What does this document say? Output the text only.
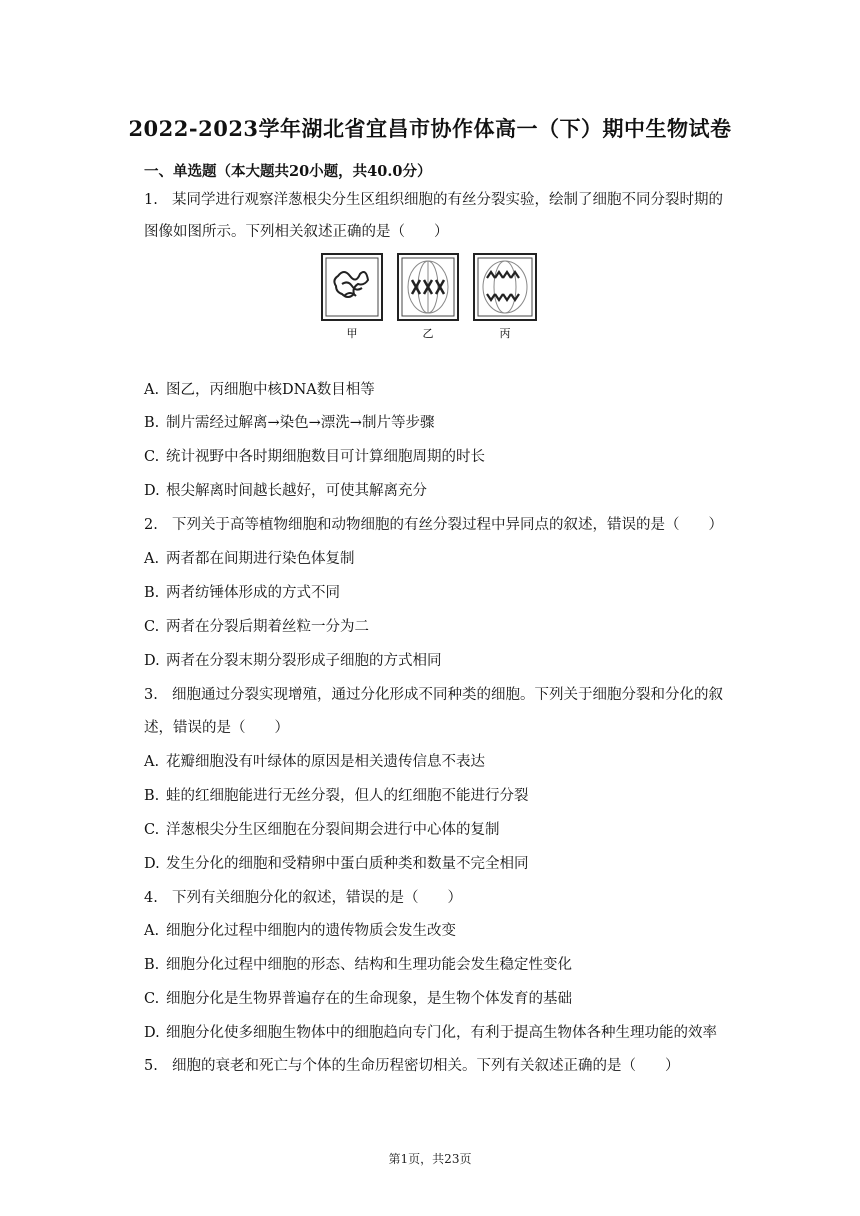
2022-2023学年湖北省宜昌市协作体高一（下）期中生物试卷
一、单选题（本大题共20小题，共40.0分）
1. 某同学进行观察洋葱根尖分生区组织细胞的有丝分裂实验，绘制了细胞不同分裂时期的
图像如图所示。下列相关叙述正确的是（　　）
甲	乙	丙
A. 图乙，丙细胞中核DNA数目相等
B. 制片需经过解离→染色→漂洗→制片等步骤
C. 统计视野中各时期细胞数目可计算细胞周期的时长
D. 根尖解离时间越长越好，可使其解离充分
2. 下列关于高等植物细胞和动物细胞的有丝分裂过程中异同点的叙述，错误的是（　　）
A. 两者都在间期进行染色体复制
B. 两者纺锤体形成的方式不同
C. 两者在分裂后期着丝粒一分为二
D. 两者在分裂末期分裂形成子细胞的方式相同
3. 细胞通过分裂实现增殖，通过分化形成不同种类的细胞。下列关于细胞分裂和分化的叙
述，错误的是（　　）
A. 花瓣细胞没有叶绿体的原因是相关遗传信息不表达
B. 蛙的红细胞能进行无丝分裂，但人的红细胞不能进行分裂
C. 洋葱根尖分生区细胞在分裂间期会进行中心体的复制
D. 发生分化的细胞和受精卵中蛋白质种类和数量不完全相同
4. 下列有关细胞分化的叙述，错误的是（　　）
A. 细胞分化过程中细胞内的遗传物质会发生改变
B. 细胞分化过程中细胞的形态、结构和生理功能会发生稳定性变化
C. 细胞分化是生物界普遍存在的生命现象，是生物个体发育的基础
D. 细胞分化使多细胞生物体中的细胞趋向专门化，有利于提高生物体各种生理功能的效率
5. 细胞的衰老和死亡与个体的生命历程密切相关。下列有关叙述正确的是（　　）
第1页，共23页
